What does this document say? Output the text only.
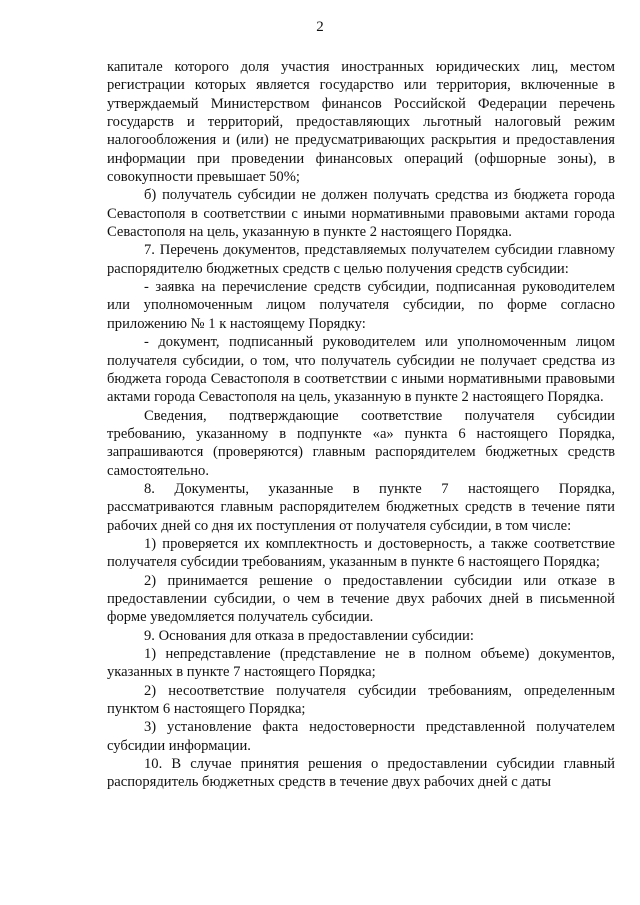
2

капитале которого доля участия иностранных юридических лиц, местом регистрации которых является государство или территория, включенные в утверждаемый Министерством финансов Российской Федерации перечень государств и территорий, предоставляющих льготный налоговый режим налогообложения и (или) не предусматривающих раскрытия и предоставления информации при проведении финансовых операций (офшорные зоны), в совокупности превышает 50%;

б) получатель субсидии не должен получать средства из бюджета города Севастополя в соответствии с иными нормативными правовыми актами города Севастополя на цель, указанную в пункте 2 настоящего Порядка.

7. Перечень документов, представляемых получателем субсидии главному распорядителю бюджетных средств с целью получения средств субсидии:

- заявка на перечисление средств субсидии, подписанная руководителем или уполномоченным лицом получателя субсидии, по форме согласно приложению № 1 к настоящему Порядку:

- документ, подписанный руководителем или уполномоченным лицом получателя субсидии, о том, что получатель субсидии не получает средства из бюджета города Севастополя в соответствии с иными нормативными правовыми актами города Севастополя на цель, указанную в пункте 2 настоящего Порядка.

Сведения, подтверждающие соответствие получателя субсидии требованию, указанному в подпункте «а» пункта 6 настоящего Порядка, запрашиваются (проверяются) главным распорядителем бюджетных средств самостоятельно.

8. Документы, указанные в пункте 7 настоящего Порядка, рассматриваются главным распорядителем бюджетных средств в течение пяти рабочих дней со дня их поступления от получателя субсидии, в том числе:

1) проверяется их комплектность и достоверность, а также соответствие получателя субсидии требованиям, указанным в пункте 6 настоящего Порядка;

2) принимается решение о предоставлении субсидии или отказе в предоставлении субсидии, о чем в течение двух рабочих дней в письменной форме уведомляется получатель субсидии.

9. Основания для отказа в предоставлении субсидии:

1) непредставление (представление не в полном объеме) документов, указанных в пункте 7 настоящего Порядка;

2) несоответствие получателя субсидии требованиям, определенным пунктом 6 настоящего Порядка;

3) установление факта недостоверности представленной получателем субсидии информации.

10. В случае принятия решения о предоставлении субсидии главный распорядитель бюджетных средств в течение двух рабочих дней с даты
